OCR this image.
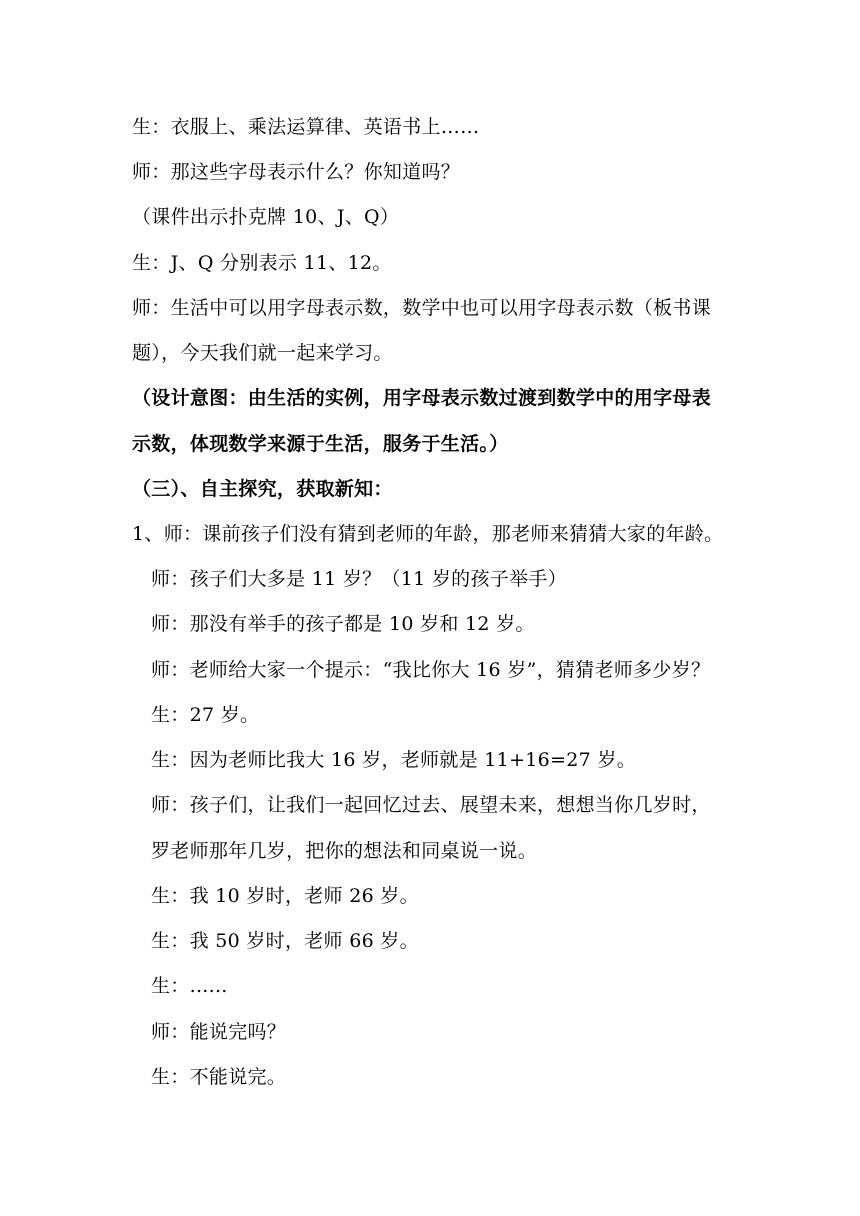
生：衣服上、乘法运算律、英语书上……
师：那这些字母表示什么？你知道吗？
（课件出示扑克牌 10、J、Q）
生：J、Q 分别表示 11、12。
师：生活中可以用字母表示数，数学中也可以用字母表示数（板书课
题），今天我们就一起来学习。
（设计意图：由生活的实例，用字母表示数过渡到数学中的用字母表
示数，体现数学来源于生活，服务于生活。）
（三）、自主探究，获取新知：
1、师：课前孩子们没有猜到老师的年龄，那老师来猜猜大家的年龄。
师：孩子们大多是 11 岁？（11 岁的孩子举手）
师：那没有举手的孩子都是 10 岁和 12 岁。
师：老师给大家一个提示：“我比你大 16 岁”，猜猜老师多少岁？
生：27 岁。
生：因为老师比我大 16 岁，老师就是 11+16=27 岁。
师：孩子们，让我们一起回忆过去、展望未来，想想当你几岁时，
罗老师那年几岁，把你的想法和同桌说一说。
生：我 10 岁时，老师 26 岁。
生：我 50 岁时，老师 66 岁。
生：......
师：能说完吗？
生：不能说完。
